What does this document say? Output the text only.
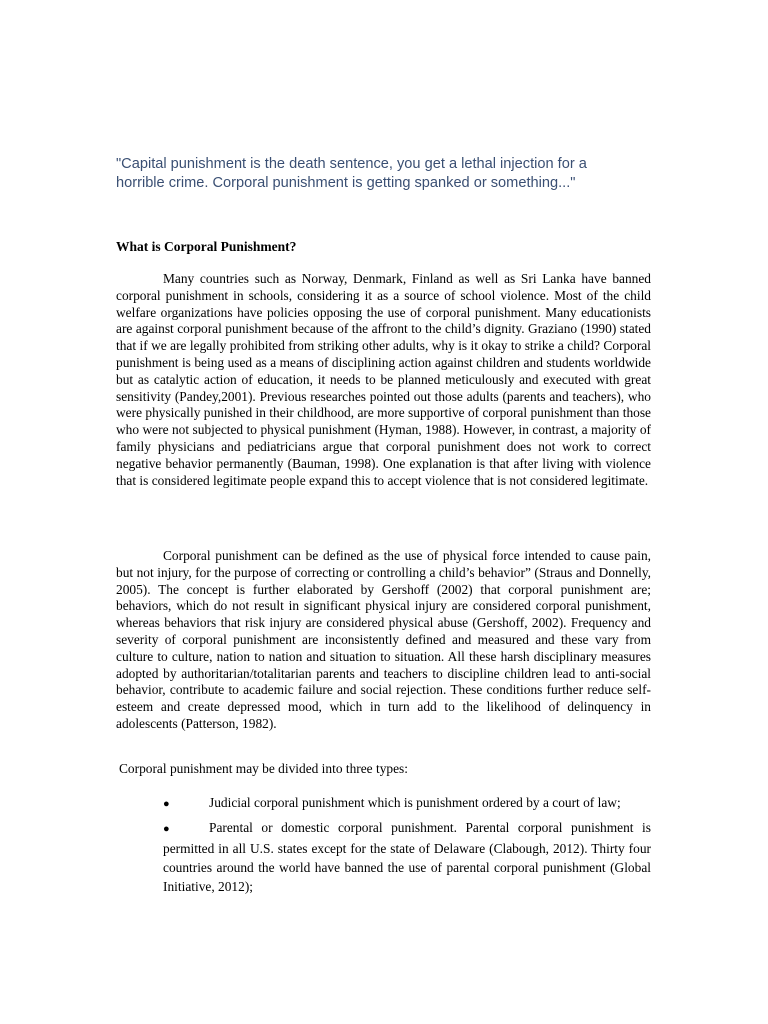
"Capital punishment is the death sentence, you get a lethal injection for a horrible crime. Corporal punishment is getting spanked or something..."

What is Corporal Punishment?

Many countries such as Norway, Denmark, Finland as well as Sri Lanka have banned corporal punishment in schools, considering it as a source of school violence. Most of the child welfare organizations have policies opposing the use of corporal punishment. Many educationists are against corporal punishment because of the affront to the child’s dignity. Graziano (1990) stated that if we are legally prohibited from striking other adults, why is it okay to strike a child? Corporal punishment is being used as a means of disciplining action against children and students worldwide but as catalytic action of education, it needs to be planned meticulously and executed with great sensitivity (Pandey,2001). Previous researches pointed out those adults (parents and teachers), who were physically punished in their childhood, are more supportive of corporal punishment than those who were not subjected to physical punishment (Hyman, 1988). However, in contrast, a majority of family physicians and pediatricians argue that corporal punishment does not work to correct negative behavior permanently (Bauman, 1998). One explanation is that after living with violence that is considered legitimate people expand this to accept violence that is not considered legitimate.

Corporal punishment can be defined as the use of physical force intended to cause pain, but not injury, for the purpose of correcting or controlling a child’s behavior” (Straus and Donnelly, 2005). The concept is further elaborated by Gershoff (2002) that corporal punishment are; behaviors, which do not result in significant physical injury are considered corporal punishment, whereas behaviors that risk injury are considered physical abuse (Gershoff, 2002). Frequency and severity of corporal punishment are inconsistently defined and measured and these vary from culture to culture, nation to nation and situation to situation. All these harsh disciplinary measures adopted by authoritarian/totalitarian parents and teachers to discipline children lead to anti-social behavior, contribute to academic failure and social rejection. These conditions further reduce self-esteem and create depressed mood, which in turn add to the likelihood of delinquency in adolescents (Patterson, 1982).

Corporal punishment may be divided into three types:

●	Judicial corporal punishment which is punishment ordered by a court of law;
●	Parental or domestic corporal punishment. Parental corporal punishment is permitted in all U.S. states except for the state of Delaware (Clabough, 2012). Thirty four countries around the world have banned the use of parental corporal punishment (Global Initiative, 2012);
